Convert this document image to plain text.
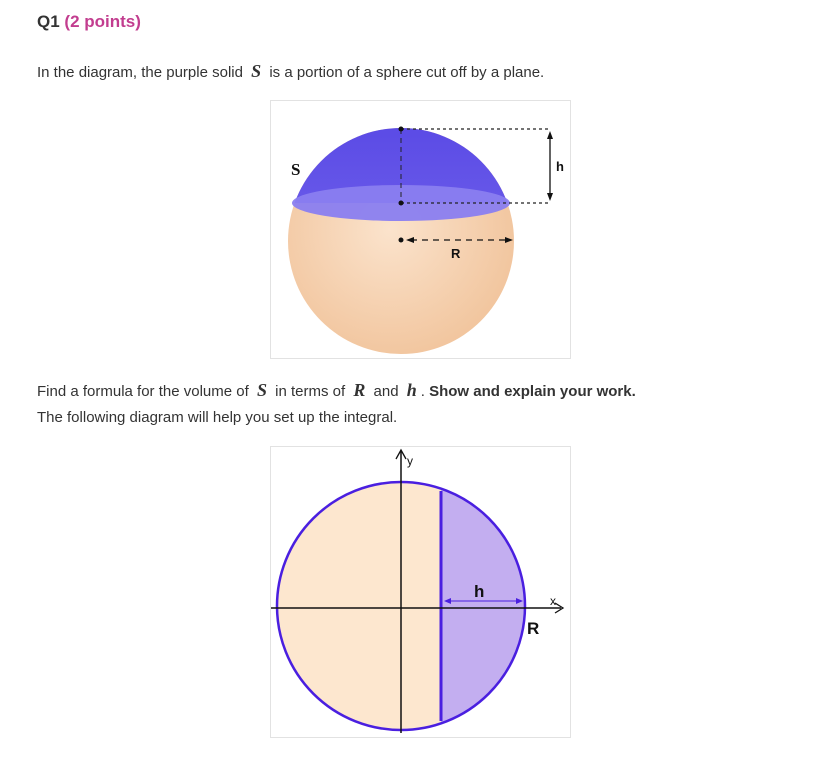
Q1 (2 points)
In the diagram, the purple solid S is a portion of a sphere cut off by a plane.
h
S
R
Find a formula for the volume of S in terms of R and h . Show and explain your work.
The following diagram will help you set up the integral.
y
x
h
R
